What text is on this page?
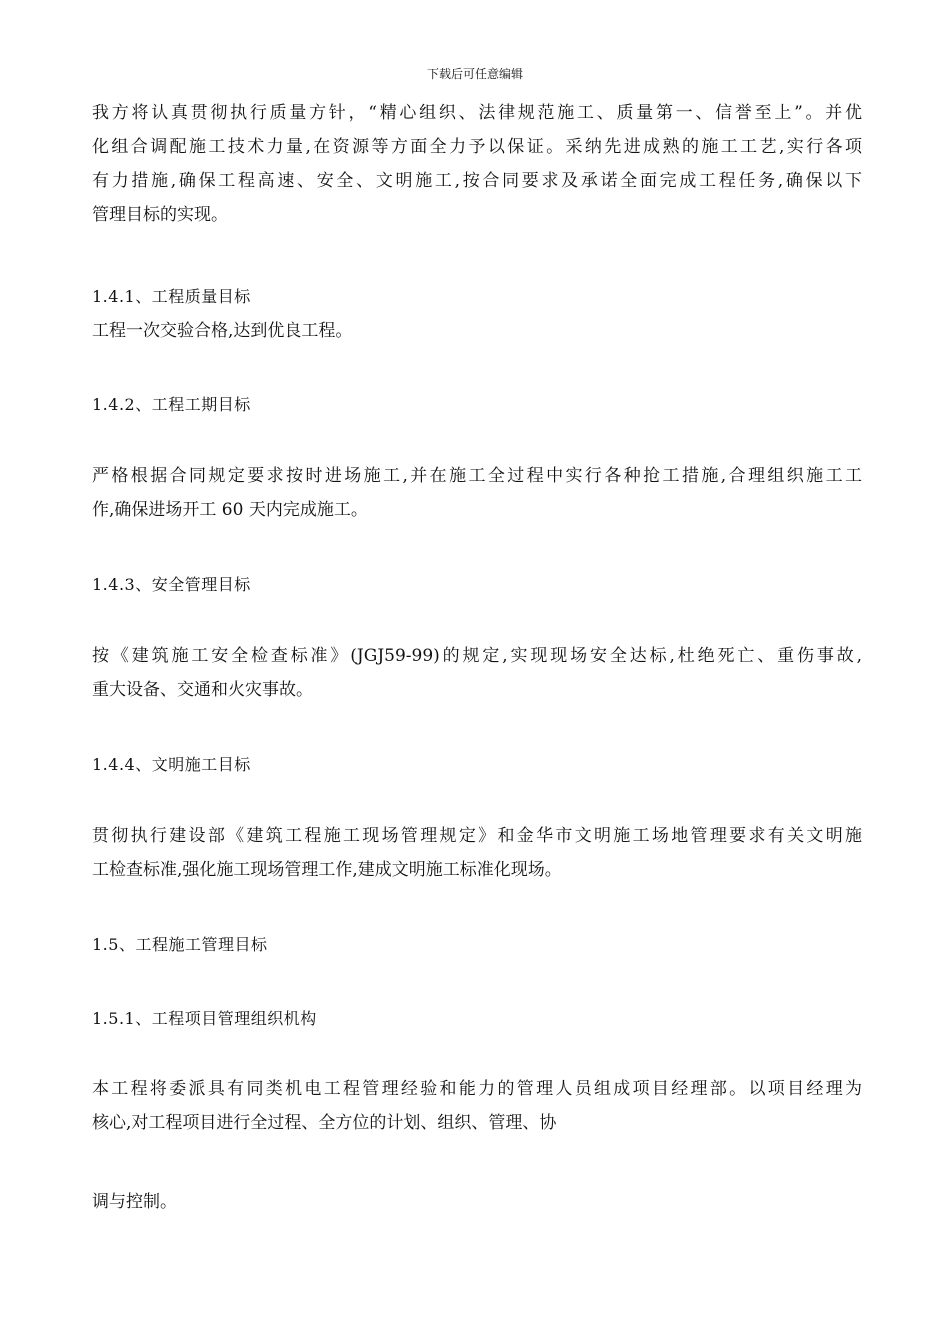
下载后可任意编辑
我方将认真贯彻执行质量方针，“精心组织、法律规范施工、质量第一、信誉至上”。并优
化组合调配施工技术力量,在资源等方面全力予以保证。采纳先进成熟的施工工艺,实行各项
有力措施,确保工程高速、安全、文明施工,按合同要求及承诺全面完成工程任务,确保以下
管理目标的实现。
1.4.1、工程质量目标
工程一次交验合格,达到优良工程。
1.4.2、工程工期目标
严格根据合同规定要求按时进场施工,并在施工全过程中实行各种抢工措施,合理组织施工工
作,确保进场开工 60 天内完成施工。
1.4.3、安全管理目标
按《建筑施工安全检查标准》(JGJ59-99)的规定,实现现场安全达标,杜绝死亡、重伤事故,
重大设备、交通和火灾事故。
1.4.4、文明施工目标
贯彻执行建设部《建筑工程施工现场管理规定》和金华市文明施工场地管理要求有关文明施
工检查标准,强化施工现场管理工作,建成文明施工标准化现场。
1.5、工程施工管理目标
1.5.1、工程项目管理组织机构
本工程将委派具有同类机电工程管理经验和能力的管理人员组成项目经理部。以项目经理为
核心,对工程项目进行全过程、全方位的计划、组织、管理、协
调与控制。
